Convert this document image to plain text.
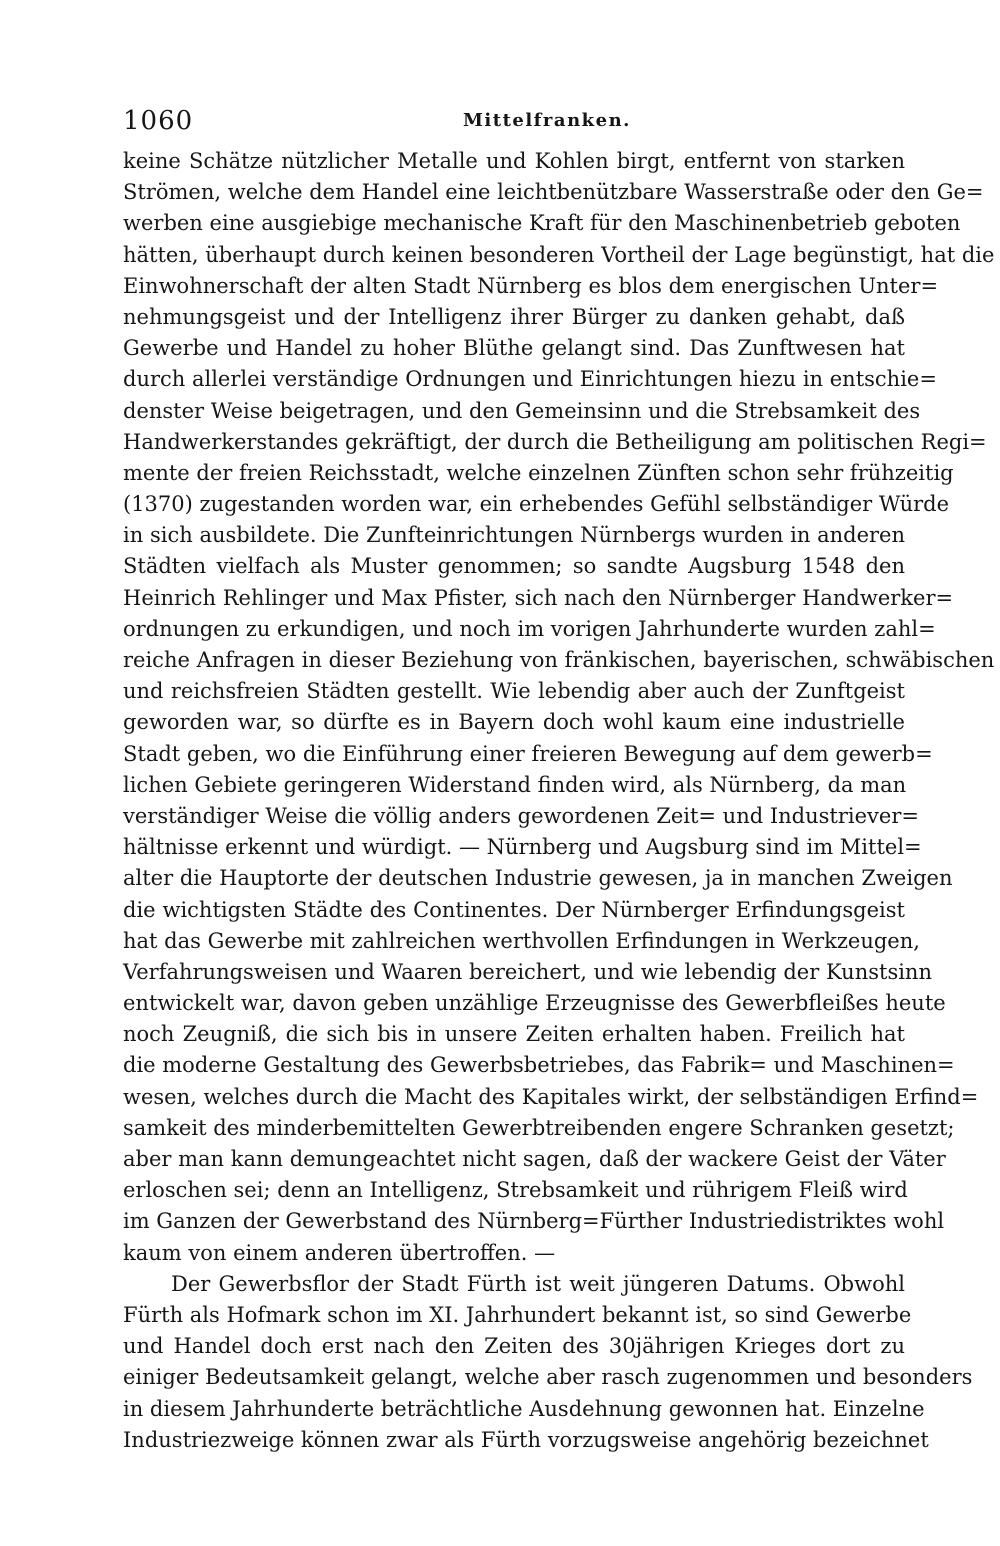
1060	Mittelfranken.
keine Schätze nützlicher Metalle und Kohlen birgt, entfernt von starken
Strömen, welche dem Handel eine leichtbenützbare Wasserstraße oder den Ge=
werben eine ausgiebige mechanische Kraft für den Maschinenbetrieb geboten
hätten, überhaupt durch keinen besonderen Vortheil der Lage begünstigt, hat die
Einwohnerschaft der alten Stadt Nürnberg es blos dem energischen Unter=
nehmungsgeist und der Intelligenz ihrer Bürger zu danken gehabt, daß
Gewerbe und Handel zu hoher Blüthe gelangt sind. Das Zunftwesen hat
durch allerlei verständige Ordnungen und Einrichtungen hiezu in entschie=
denster Weise beigetragen, und den Gemeinsinn und die Strebsamkeit des
Handwerkerstandes gekräftigt, der durch die Betheiligung am politischen Regi=
mente der freien Reichsstadt, welche einzelnen Zünften schon sehr frühzeitig
(1370) zugestanden worden war, ein erhebendes Gefühl selbständiger Würde
in sich ausbildete. Die Zunfteinrichtungen Nürnbergs wurden in anderen
Städten vielfach als Muster genommen; so sandte Augsburg 1548 den
Heinrich Rehlinger und Max Pfister, sich nach den Nürnberger Handwerker=
ordnungen zu erkundigen, und noch im vorigen Jahrhunderte wurden zahl=
reiche Anfragen in dieser Beziehung von fränkischen, bayerischen, schwäbischen
und reichsfreien Städten gestellt. Wie lebendig aber auch der Zunftgeist
geworden war, so dürfte es in Bayern doch wohl kaum eine industrielle
Stadt geben, wo die Einführung einer freieren Bewegung auf dem gewerb=
lichen Gebiete geringeren Widerstand finden wird, als Nürnberg, da man
verständiger Weise die völlig anders gewordenen Zeit= und Industriever=
hältnisse erkennt und würdigt. — Nürnberg und Augsburg sind im Mittel=
alter die Hauptorte der deutschen Industrie gewesen, ja in manchen Zweigen
die wichtigsten Städte des Continentes. Der Nürnberger Erfindungsgeist
hat das Gewerbe mit zahlreichen werthvollen Erfindungen in Werkzeugen,
Verfahrungsweisen und Waaren bereichert, und wie lebendig der Kunstsinn
entwickelt war, davon geben unzählige Erzeugnisse des Gewerbfleißes heute
noch Zeugniß, die sich bis in unsere Zeiten erhalten haben. Freilich hat
die moderne Gestaltung des Gewerbsbetriebes, das Fabrik= und Maschinen=
wesen, welches durch die Macht des Kapitales wirkt, der selbständigen Erfind=
samkeit des minderbemittelten Gewerbtreibenden engere Schranken gesetzt;
aber man kann demungeachtet nicht sagen, daß der wackere Geist der Väter
erloschen sei; denn an Intelligenz, Strebsamkeit und rührigem Fleiß wird
im Ganzen der Gewerbstand des Nürnberg=Fürther Industriedistriktes wohl
kaum von einem anderen übertroffen. —
Der Gewerbsflor der Stadt Fürth ist weit jüngeren Datums. Obwohl
Fürth als Hofmark schon im XI. Jahrhundert bekannt ist, so sind Gewerbe
und Handel doch erst nach den Zeiten des 30jährigen Krieges dort zu
einiger Bedeutsamkeit gelangt, welche aber rasch zugenommen und besonders
in diesem Jahrhunderte beträchtliche Ausdehnung gewonnen hat. Einzelne
Industriezweige können zwar als Fürth vorzugsweise angehörig bezeichnet
